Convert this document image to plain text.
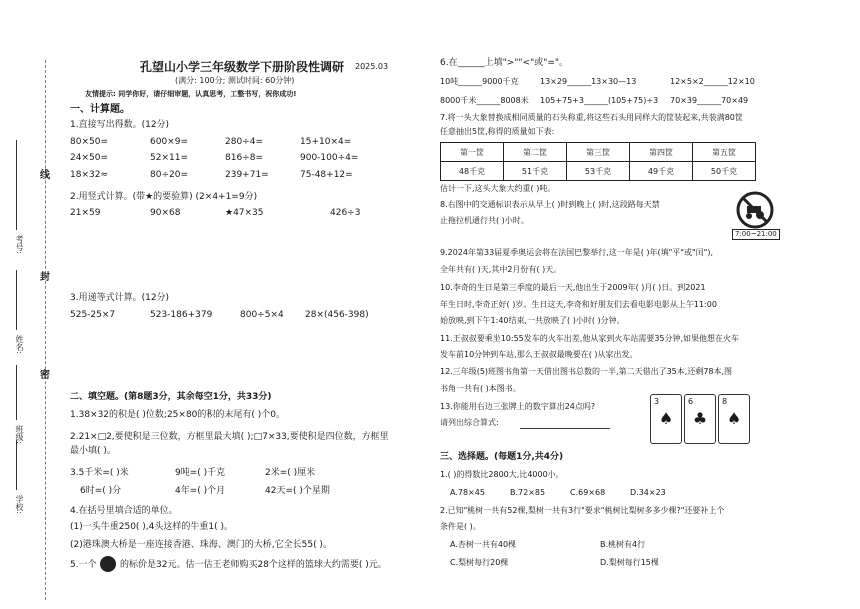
考号:
姓名:
班级:
学校:
线
封
密
孔望山小学三年级数学下册阶段性调研 2025.03
(满分: 100分; 测试时间: 60分钟)
友情提示: 同学你好，请仔细审题，认真思考，工整书写，祝你成功!
一、计算题。
1.直接写出得数。(12分)
80×50=	600×9=	280÷4=	15+10×4=
24×50=	52×11=	816÷8=	900-100÷4=
18×32≈	80÷20=	239+71=	75-48+12=
2.用竖式计算。(带★的要验算) (2×4+1=9分)
21×59	90×68	★47×35	426÷3
3.用递等式计算。(12分)
525-25×7	523-186+379	800÷5×4 28×(456-398)
二、填空题。(第8题3分，其余每空1分，共33分)
1.38×32的积是( )位数;25×80的积的末尾有( )个0。
2.21×□2,要使积是三位数，方框里最大填( );□7×33,要使积是四位数，方框里
最小填( )。
3.5千米=( )米	9吨=( )千克	2米=( )厘米
6时=( )分	4年=( )个月	42天=( )个星期
4.在括号里填合适的单位。
(1)一头牛重250( ),4头这样的牛重1( )。
(2)港珠澳大桥是一座连接香港、珠海、澳门的大桥,它全长55( )。
5.一个	的标价是32元。估一估王老师购买28个这样的篮球大约需要( )元。
6.在______上填">""<"或"="。
10吨______9000千克	13×29______13×30—13	12×5×2______12×10
8000千米______8008米 105+75+3______(105+75)÷3 70×39______70×49
7.将一头大象替换成相同质量的石头称重,将这些石头用同样大的筐装起来,共装满80筐
任意抽出5筐,称得的质量如下表:
第一筐	第二筐	第三筐	第四筐	第五筐
48千克	51千克	53千克	49千克	50千克
估计一下,这头大象大约重( )吨。
8.右图中的交通标识表示从早上( )时到晚上( )时,这段路每天禁
止拖拉机通行共( )小时。
7:00~21:00
9.2024年第33届夏季奥运会将在法国巴黎举行,这一年是( )年(填"平"或"闰"),
全年共有( )天,其中2月份有( )天。
10.李奇的生日是第三季度的最后一天,他出生于2009年( )月( )日。到2021
年生日时,李奇正好( )岁。生日这天,李奇和好朋友们去看电影电影从上午11:00
始放映,到下午1:40结束,一共放映了( )小时( )分钟。
11.王叔叔要乘坐10:55发车的火车出差,他从家到火车站需要35分钟,如果他想在火车
发车前10分钟到车站,那么王叔叔最晚要在( )从家出发。
12.三年级(5)班图书角第一天借出图书总数的一半,第二天借出了35本,还剩78本,图
书角一共有( )本图书。
13.你能用右边三张牌上的数字算出24点吗?
请列出综合算式:
3
♠
6
♣
8
♠
三、选择题。(每题1分,共4分)
1.( )的得数比2800大,比4000小。
A.78×45	B.72×85	C.69×68	D.34×23
2.已知"桃树一共有52棵,梨树一共有3行"要求"桃树比梨树多多少棵?"还要补上个
条件是( )。
A.杏树一共有40棵	B.桃树有4行
C.梨树每行20棵	D.梨树每行15棵
